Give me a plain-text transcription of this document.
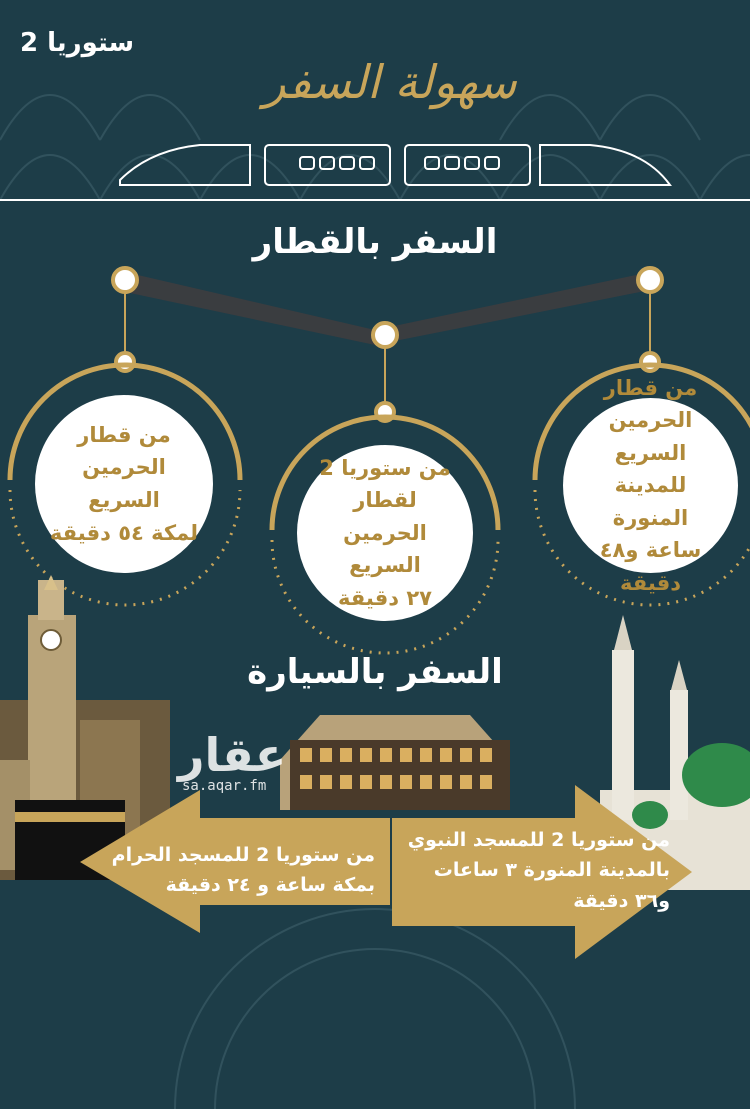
ستوريا 2
سهولة السفر
السفر بالقطار
من قطار
الحرمين السريع
للمدينة المنورة
ساعة و٤٨
دقيقة
من ستوريا 2
لقطار الحرمين
السريع
٢٧ دقيقة
من قطار
الحرمين السريع
لمكة ٥٤ دقيقة
السفر بالسيارة
عقار
sa.aqar.fm
من ستوريا 2 للمسجد النبوي
بالمدينة المنورة ٣ ساعات
و٣٦ دقيقة
من ستوريا 2 للمسجد الحرام
بمكة ساعة و ٢٤ دقيقة
